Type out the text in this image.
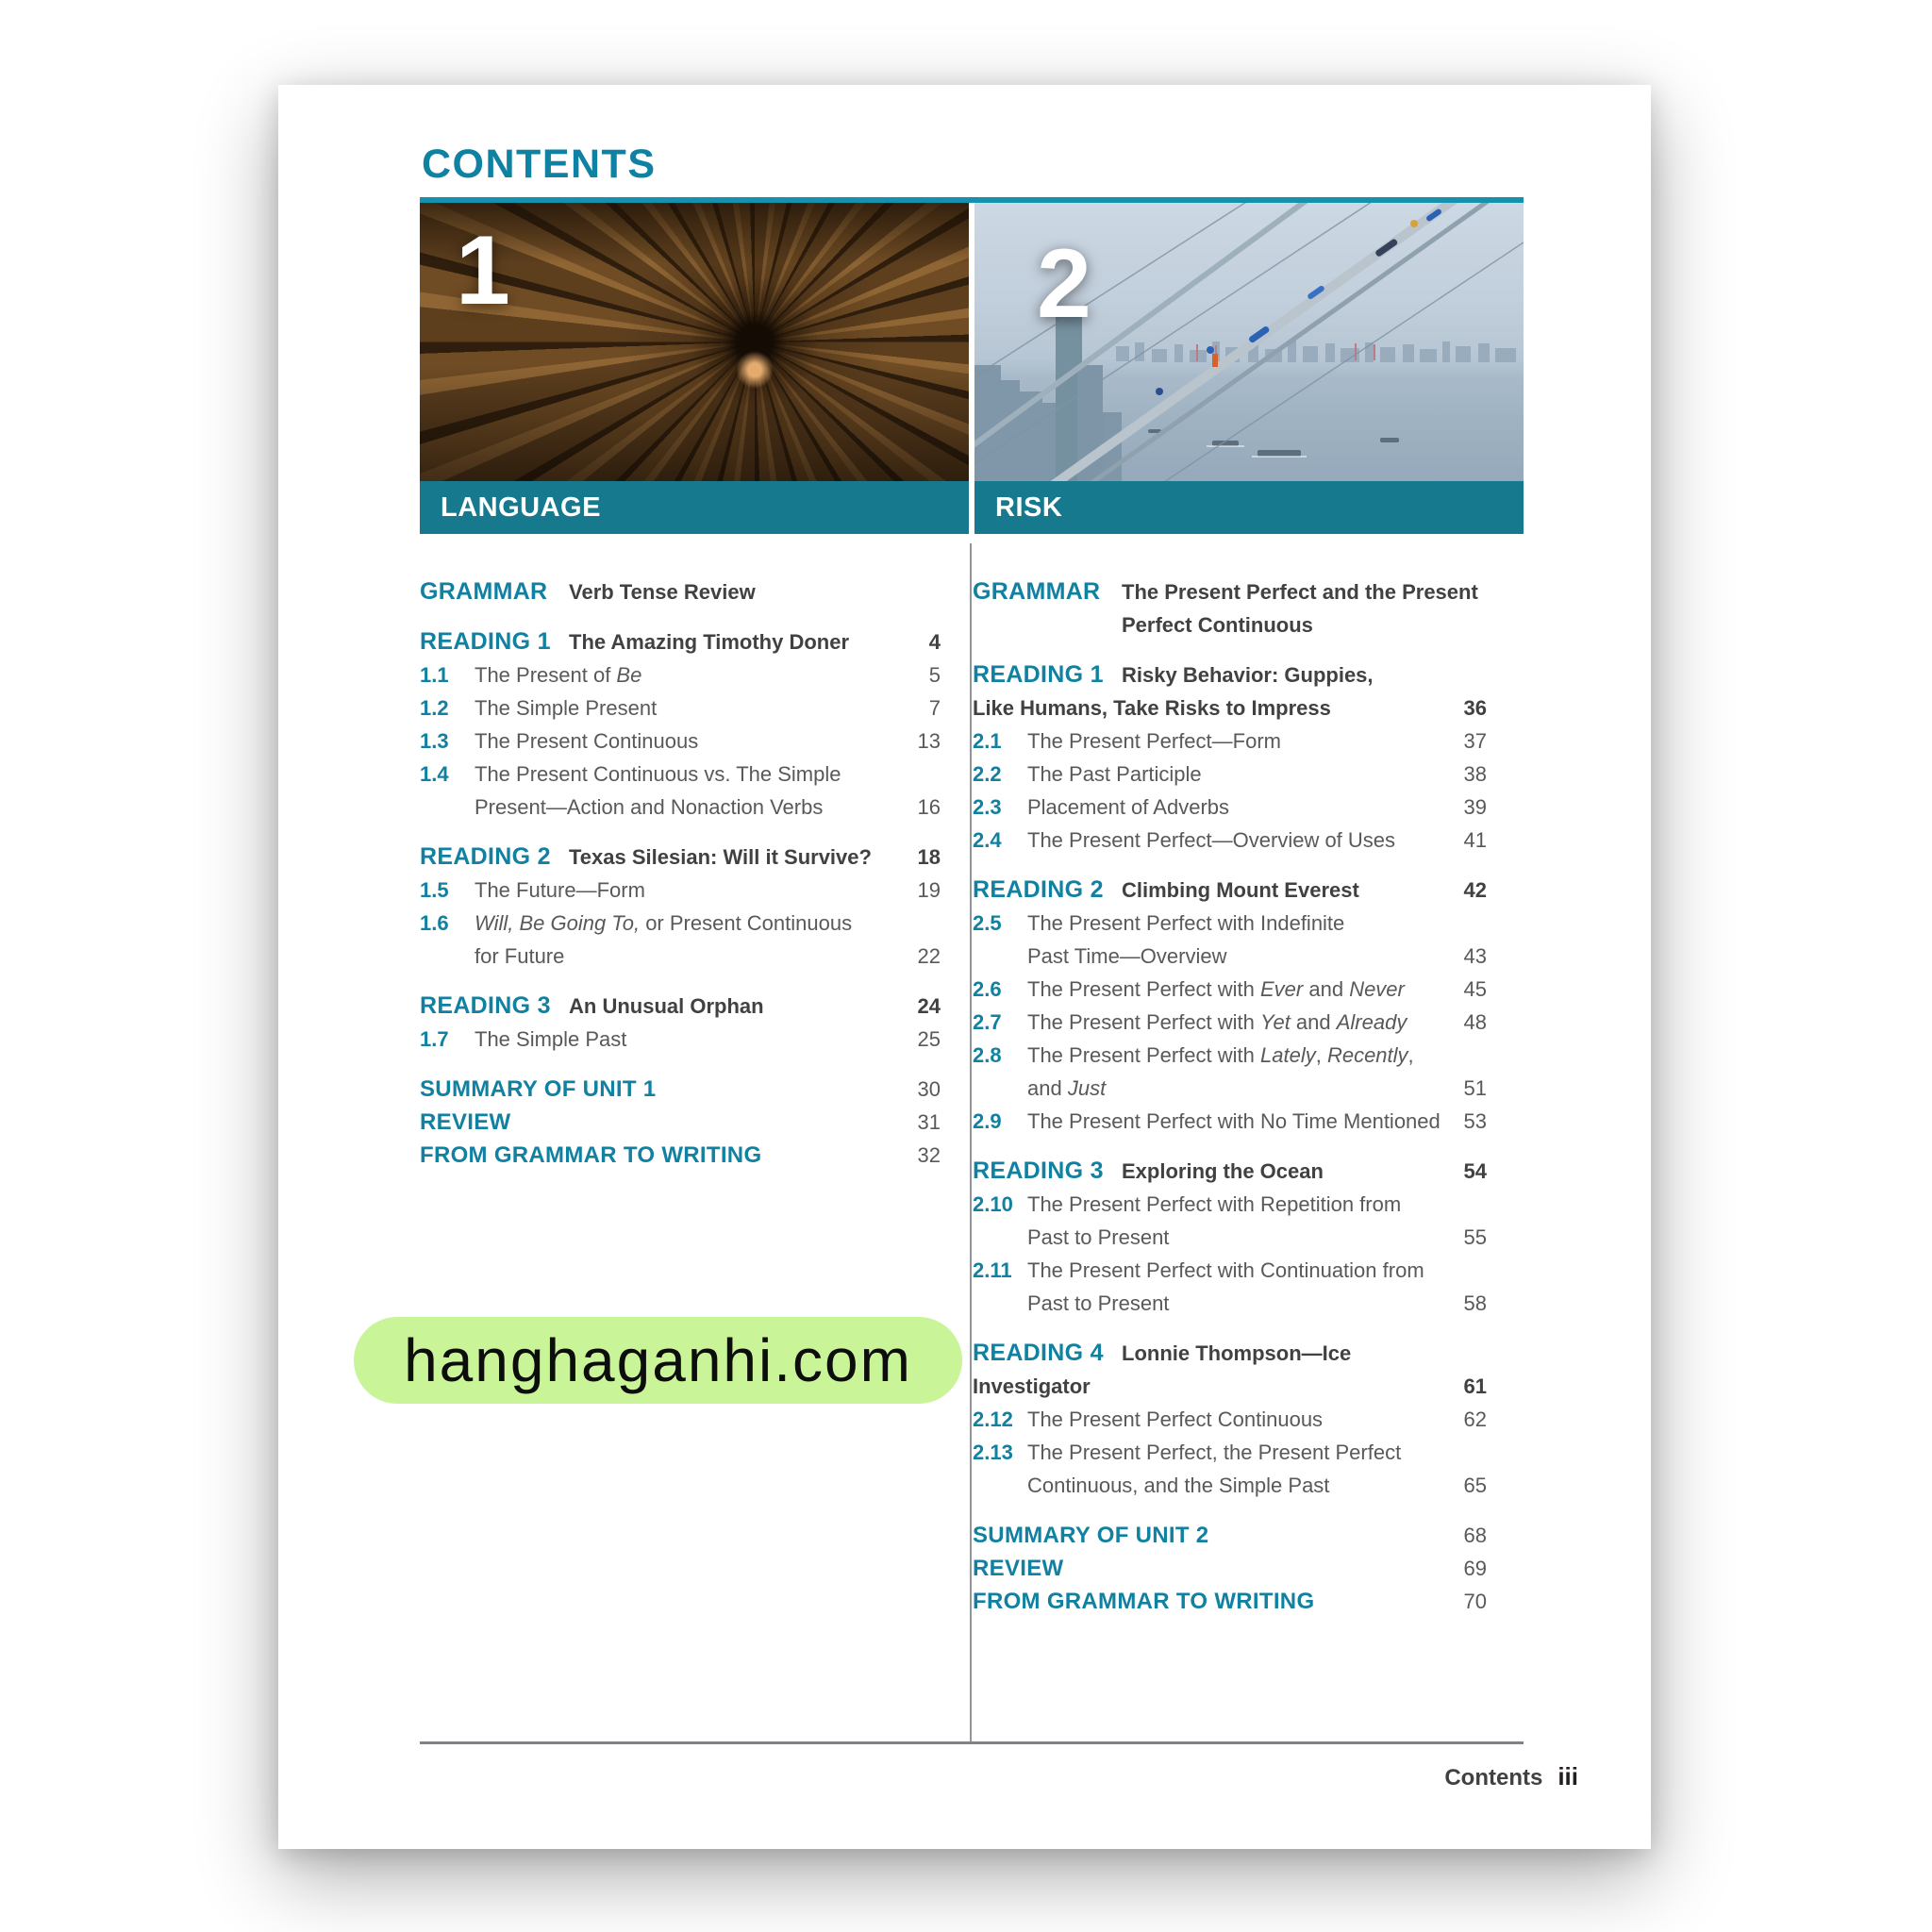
CONTENTS
1
LANGUAGE
2
RISK
GRAMMAR	Verb Tense Review
READING 1 The Amazing Timothy Doner	4
1.1	The Present of Be	5
1.2	The Simple Present	7
1.3	The Present Continuous	13
1.4	The Present Continuous vs. The Simple
Present—Action and Nonaction Verbs	16
READING 2 Texas Silesian: Will it Survive?	18
1.5	The Future—Form	19
1.6	Will, Be Going To, or Present Continuous
for Future	22
READING 3 An Unusual Orphan	24
1.7	The Simple Past	25
SUMMARY OF UNIT 1	30
REVIEW	31
FROM GRAMMAR TO WRITING	32
GRAMMAR	The Present Perfect and the Present
Perfect Continuous
READING 1 Risky Behavior: Guppies,
Like Humans, Take Risks to Impress	36
2.1	The Present Perfect—Form	37
2.2	The Past Participle	38
2.3	Placement of Adverbs	39
2.4	The Present Perfect—Overview of Uses	41
READING 2 Climbing Mount Everest	42
2.5	The Present Perfect with Indefinite
Past Time—Overview	43
2.6	The Present Perfect with Ever and Never	45
2.7	The Present Perfect with Yet and Already	48
2.8	The Present Perfect with Lately, Recently,
and Just	51
2.9	The Present Perfect with No Time Mentioned	53
READING 3 Exploring the Ocean	54
2.10 The Present Perfect with Repetition from
Past to Present	55
2.11 The Present Perfect with Continuation from
Past to Present	58
READING 4 Lonnie Thompson—Ice
Investigator	61
2.12 The Present Perfect Continuous	62
2.13 The Present Perfect, the Present Perfect
Continuous, and the Simple Past	65
SUMMARY OF UNIT 2	68
REVIEW	69
FROM GRAMMAR TO WRITING	70
hanghaganhi.com
Contents iii
